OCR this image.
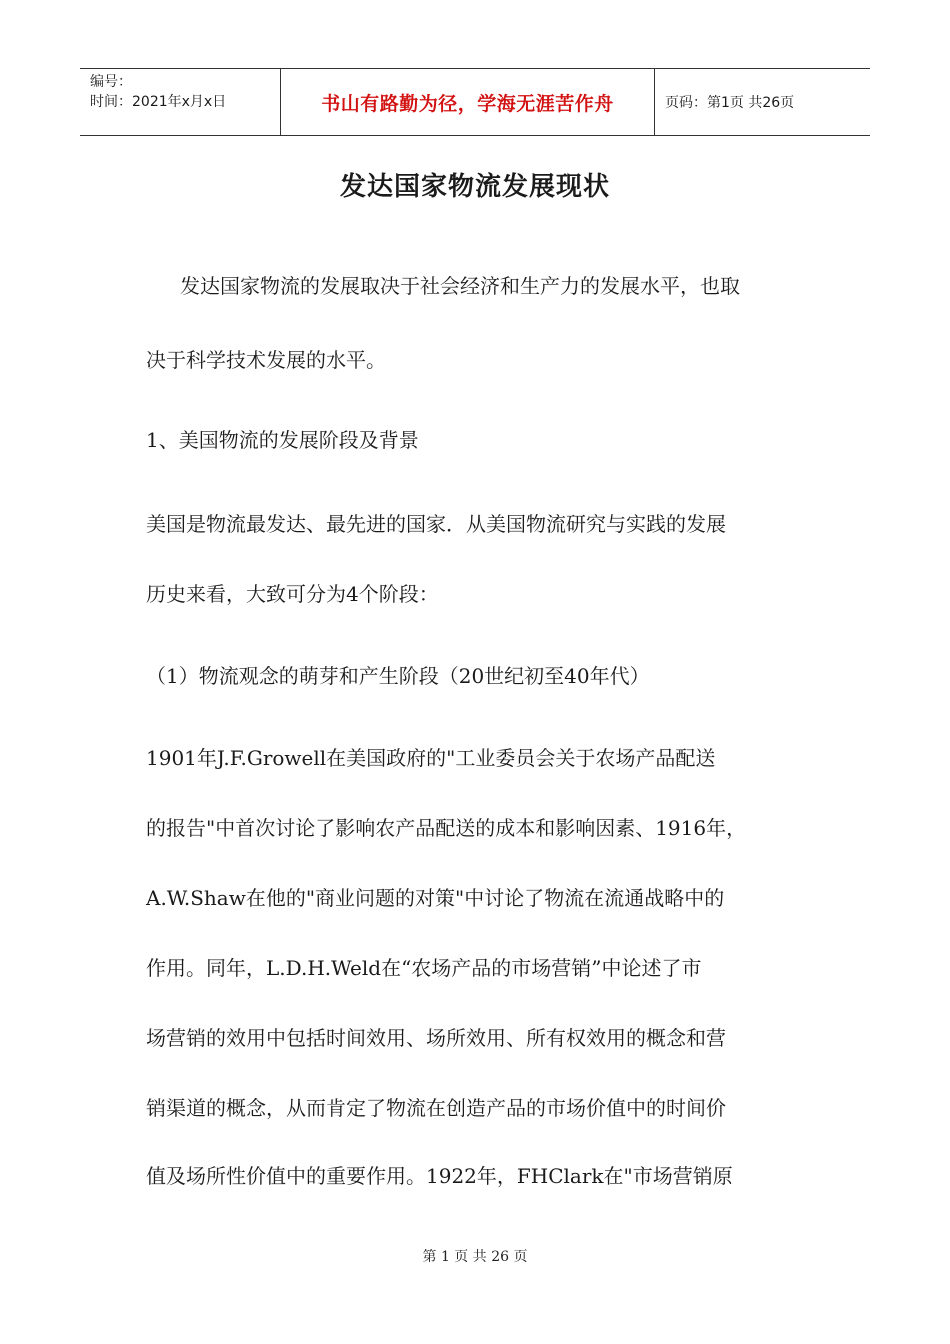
编号：
时间：2021年x月x日	书山有路勤为径，学海无涯苦作舟	页码：第1页 共26页
发达国家物流发展现状
发达国家物流的发展取决于社会经济和生产力的发展水平，也取
决于科学技术发展的水平。
1、美国物流的发展阶段及背景
美国是物流最发达、最先进的国家．从美国物流研究与实践的发展
历史来看，大致可分为4个阶段：
（1）物流观念的萌芽和产生阶段（20世纪初至40年代）
1901年J.F.Growell在美国政府的"工业委员会关于农场产品配送
的报告"中首次讨论了影响农产品配送的成本和影响因素、1916年，
A.W.Shaw在他的"商业问题的对策"中讨论了物流在流通战略中的
作用。同年，L.D.H.Weld在“农场产品的市场营销”中论述了市
场营销的效用中包括时间效用、场所效用、所有权效用的概念和营
销渠道的概念，从而肯定了物流在创造产品的市场价值中的时间价
值及场所性价值中的重要作用。1922年，FHClark在"市场营销原
第 1 页 共 26 页
